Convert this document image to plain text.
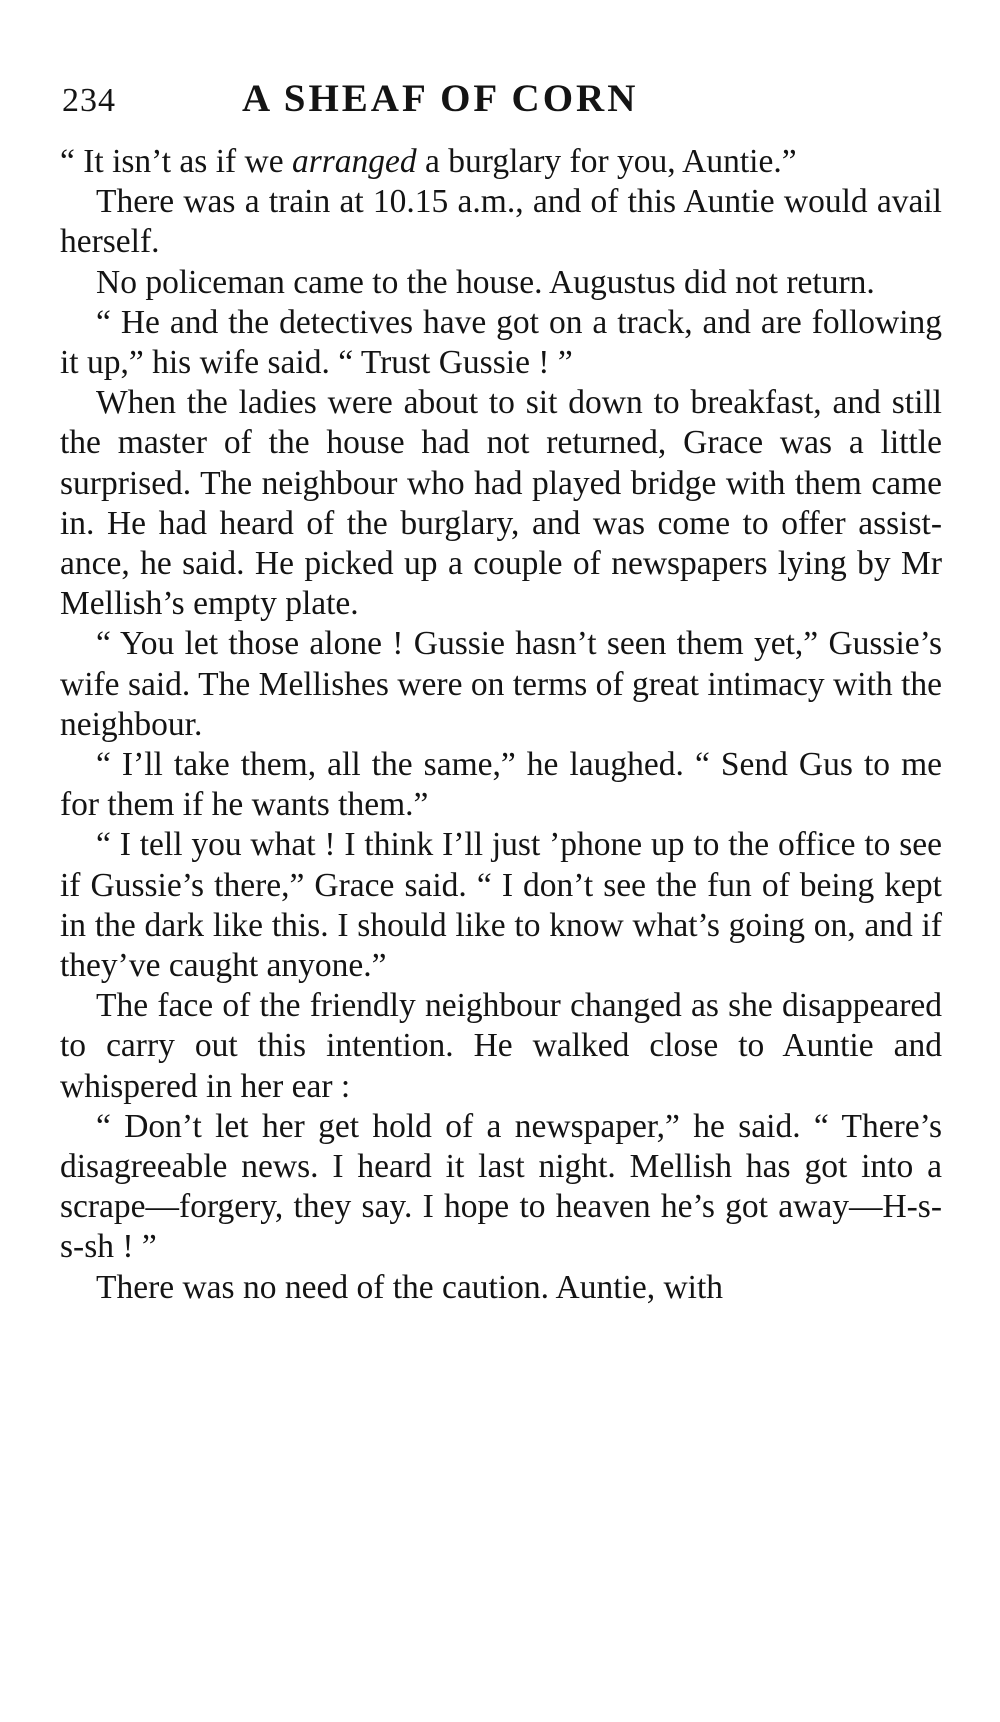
234	A SHEAF OF CORN

“ It isn’t as if we arranged a burglary for you, Auntie.”

There was a train at 10.15 a.m., and of this Auntie would avail herself.

No policeman came to the house. Augustus did not return.

“ He and the detectives have got on a track, and are following it up,” his wife said. “ Trust Gussie ! ”

When the ladies were about to sit down to breakfast, and still the master of the house had not returned, Grace was a little surprised. The neighbour who had played bridge with them came in. He had heard of the burglary, and was come to offer assistance, he said. He picked up a couple of newspapers lying by Mr Mellish’s empty plate.

“ You let those alone ! Gussie hasn’t seen them yet,” Gussie’s wife said. The Mellishes were on terms of great intimacy with the neighbour.

“ I’ll take them, all the same,” he laughed. “ Send Gus to me for them if he wants them.”

“ I tell you what ! I think I’ll just ’phone up to the office to see if Gussie’s there,” Grace said. “ I don’t see the fun of being kept in the dark like this. I should like to know what’s going on, and if they’ve caught anyone.”

The face of the friendly neighbour changed as she disappeared to carry out this intention. He walked close to Auntie and whispered in her ear :

“ Don’t let her get hold of a newspaper,” he said. “ There’s disagreeable news. I heard it last night. Mellish has got into a scrape—forgery, they say. I hope to heaven he’s got away—H-s-s-sh ! ”

There was no need of the caution. Auntie, with
